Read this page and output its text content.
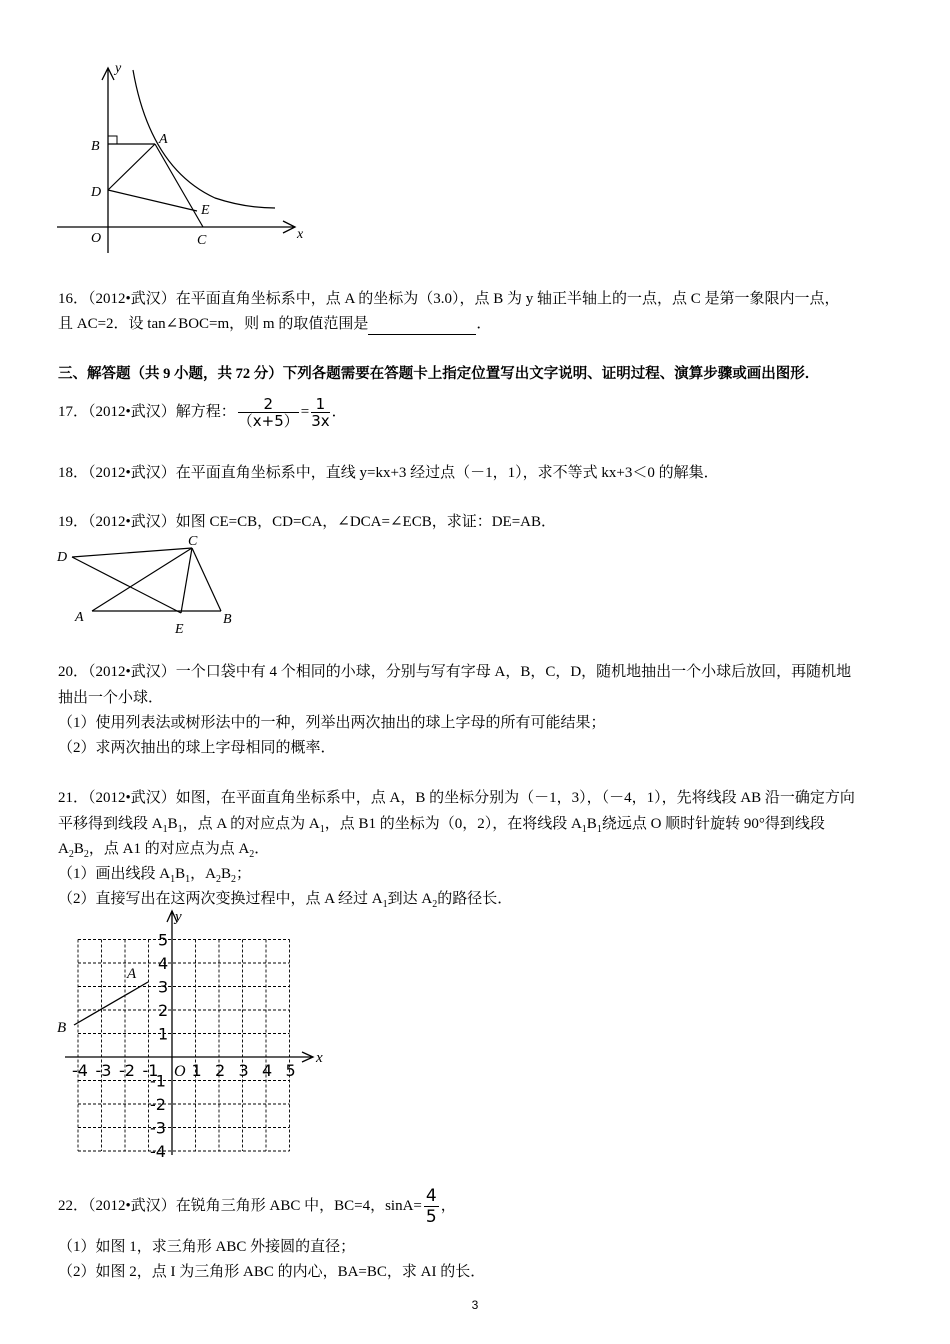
y
x
B	A
D
E
O	C
16．（2012•武汉）在平面直角坐标系中，点 A 的坐标为（3.0），点 B 为 y 轴正半轴上的一点，点 C 是第一象限内一点，
且 AC=2．设 tan∠BOC=m，则 m 的取值范围是	．
三、解答题（共 9 小题，共 72 分）下列各题需要在答题卡上指定位置写出文字说明、证明过程、演算步骤或画出图形．
17．（2012•武汉）解方程： $\frac{2}{(x+5)} = \frac{1}{3x}$ ．
18．（2012•武汉）在平面直角坐标系中，直线 y=kx+3 经过点（－1，1），求不等式 kx+3＜0 的解集．
19．（2012•武汉）如图 CE=CB，CD=CA，∠DCA=∠ECB，求证：DE=AB．
D
C
A
E
B
20．（2012•武汉）一个口袋中有 4 个相同的小球，分别与写有字母 A，B，C，D，随机地抽出一个小球后放回，再随机地
抽出一个小球．
（1）使用列表法或树形法中的一种，列举出两次抽出的球上字母的所有可能结果；
（2）求两次抽出的球上字母相同的概率．
21．（2012•武汉）如图，在平面直角坐标系中，点 A，B 的坐标分别为（－1，3），（－4，1），先将线段 AB 沿一确定方向
平移得到线段 $A_1B_1$，点 A 的对应点为 $A_1$，点 B1 的坐标为（0，2），在将线段 $A_1B_1$绕远点 O 顺时针旋转 90°得到线段
$A_2B_2$，点 A1 的对应点为点 $A_2$．
（1）画出线段 $A_1B_1$，$A_2B_2$；
（2）直接写出在这两次变换过程中，点 A 经过 $A_1$到达 $A_2$的路径长．
x
y
A
B
O
-4 -3 -2 -1 1 2 3 4 5
5
4
3
2
1
-1
-2
-3
-4
22．（2012•武汉）在锐角三角形 ABC 中，BC=4，$\sin A= \frac{4}{5}$ ，
（1）如图 1，求三角形 ABC 外接圆的直径；
（2）如图 2，点 I 为三角形 ABC 的内心，BA=BC，求 AI 的长．
3
